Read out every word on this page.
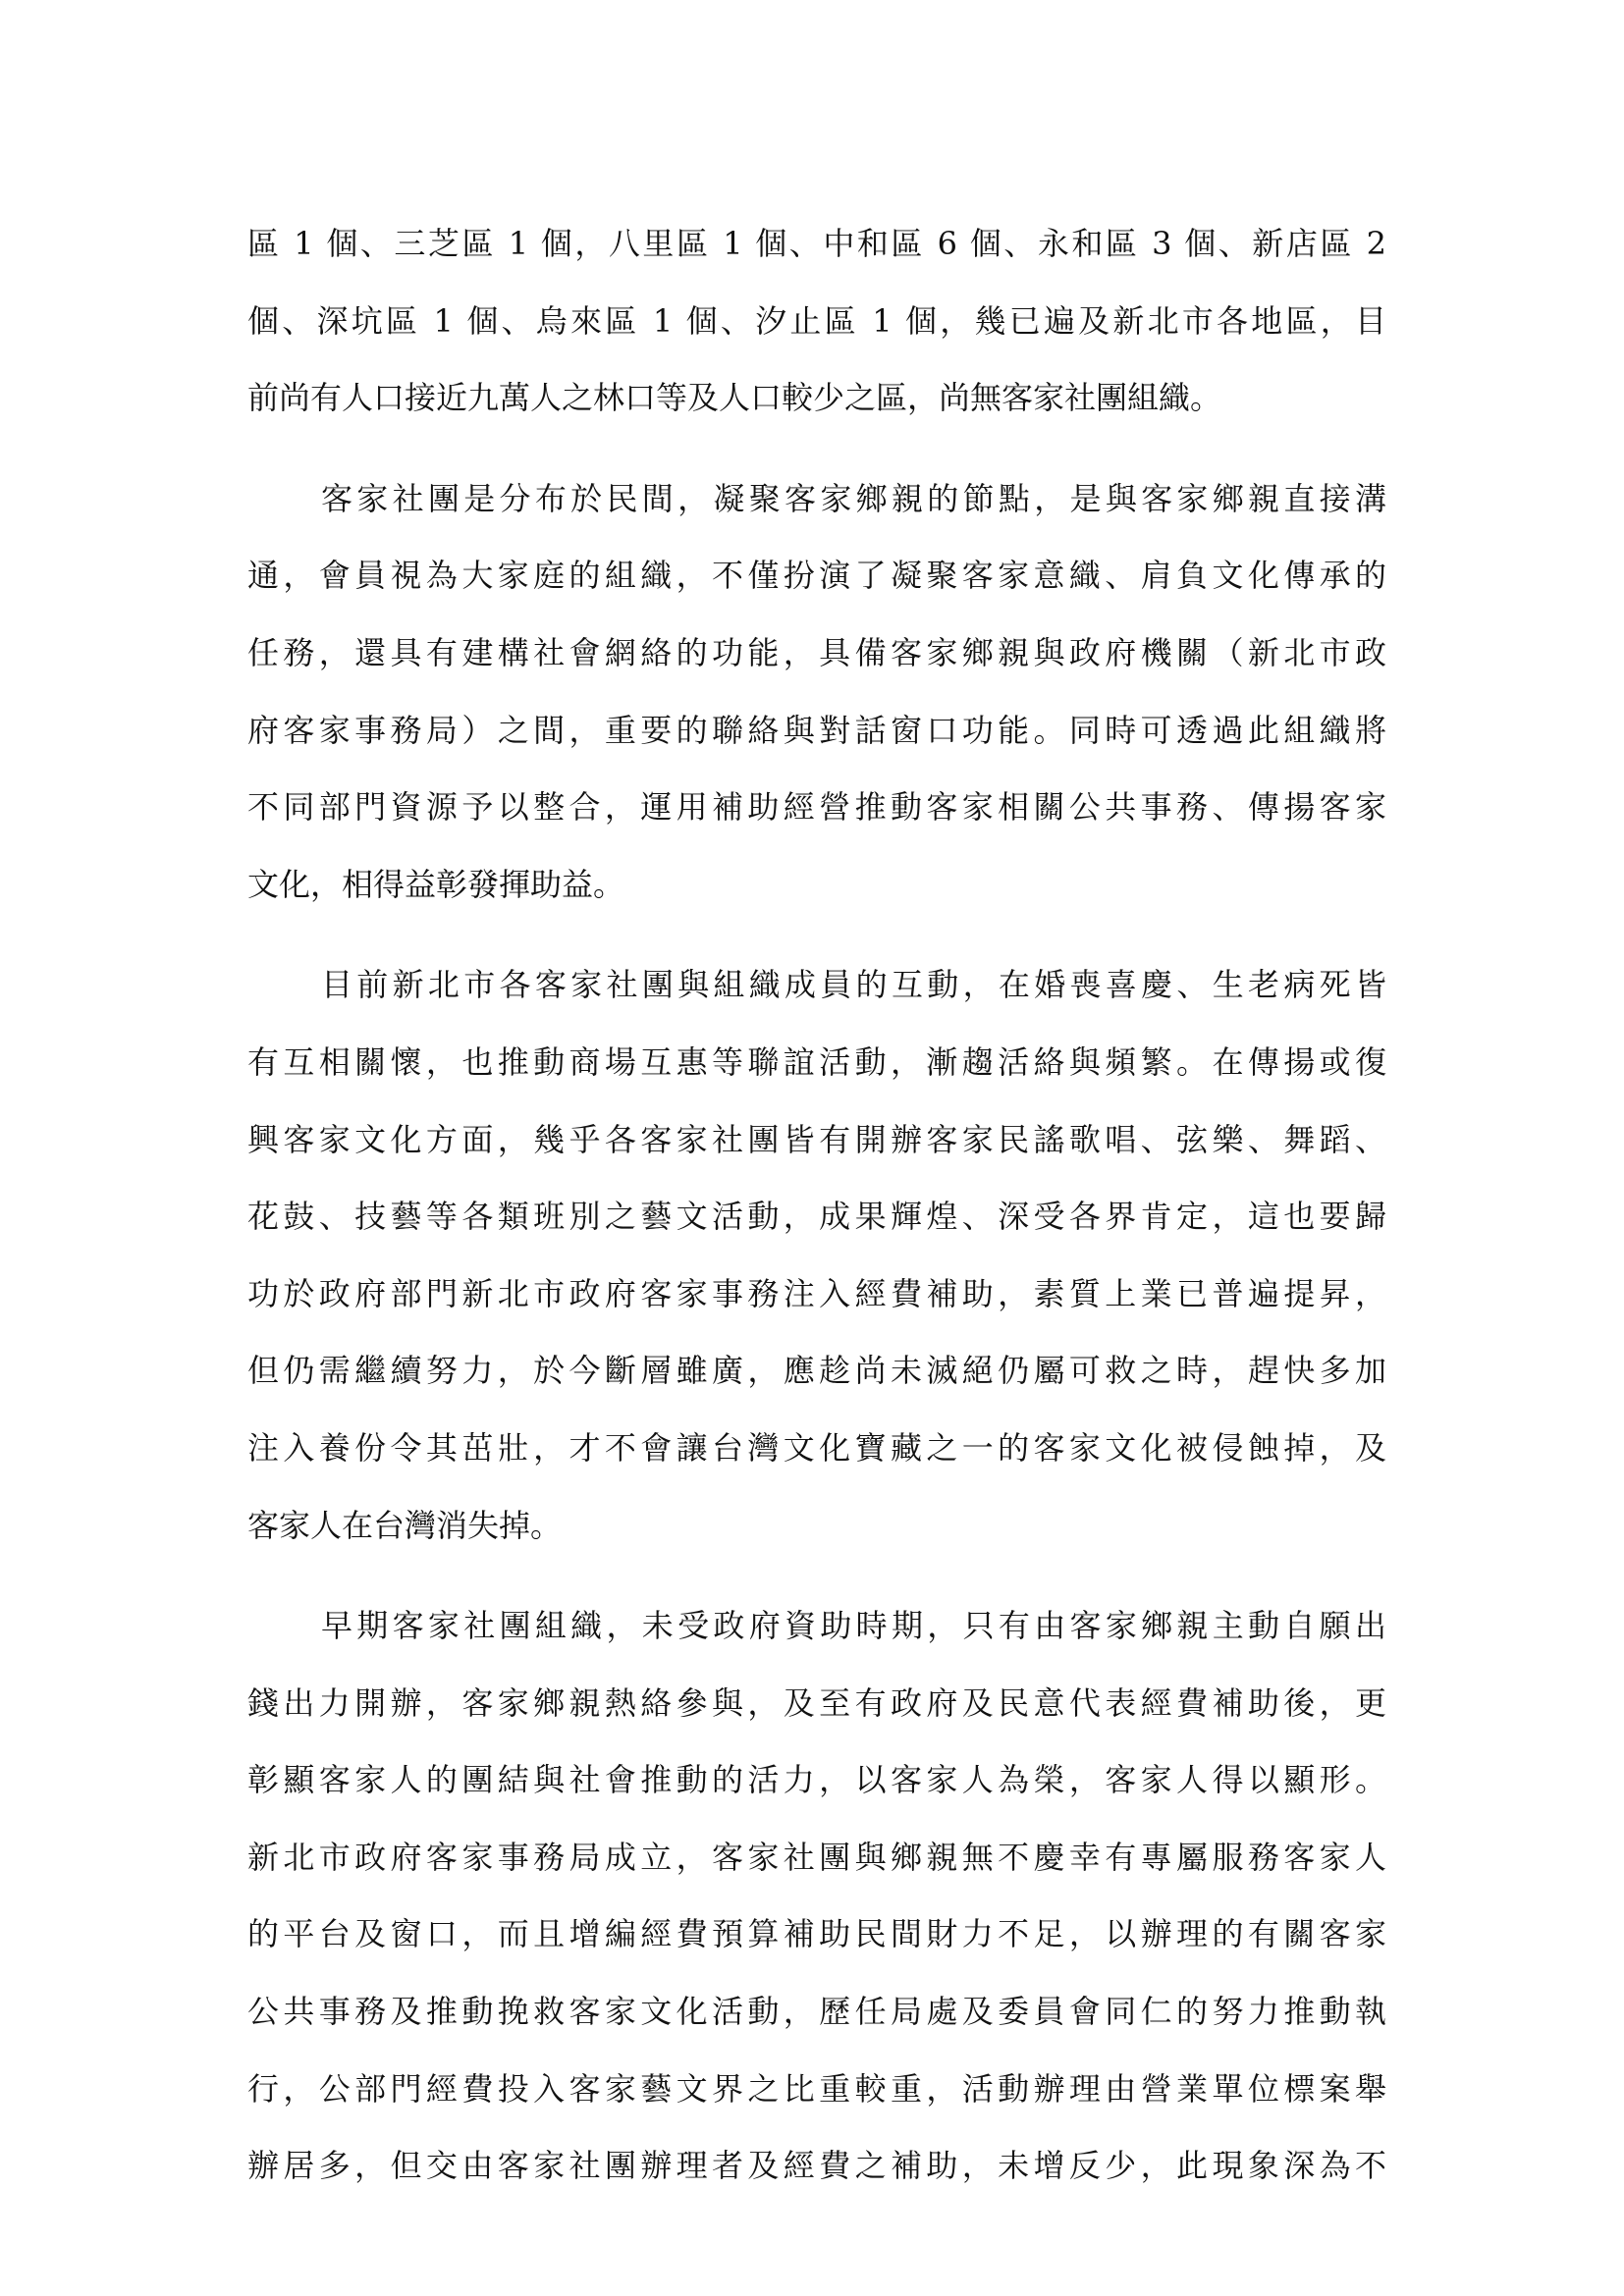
區 1 個、三芝區 1 個，八里區 1 個、中和區 6 個、永和區 3 個、新店區 2
個、深坑區 1 個、烏來區 1 個、汐止區 1 個，幾已遍及新北市各地區，目
前尚有人口接近九萬人之林口等及人口較少之區，尚無客家社團組織。
客家社團是分布於民間，凝聚客家鄉親的節點，是與客家鄉親直接溝
通，會員視為大家庭的組織，不僅扮演了凝聚客家意織、肩負文化傳承的
任務，還具有建構社會網絡的功能，具備客家鄉親與政府機關（新北市政
府客家事務局）之間，重要的聯絡與對話窗口功能。同時可透過此組織將
不同部門資源予以整合，運用補助經營推動客家相關公共事務、傳揚客家
文化，相得益彰發揮助益。
目前新北市各客家社團與組織成員的互動，在婚喪喜慶、生老病死皆
有互相關懷，也推動商場互惠等聯誼活動，漸趨活絡與頻繁。在傳揚或復
興客家文化方面，幾乎各客家社團皆有開辦客家民謠歌唱、弦樂、舞蹈、
花鼓、技藝等各類班別之藝文活動，成果輝煌、深受各界肯定，這也要歸
功於政府部門新北市政府客家事務注入經費補助，素質上業已普遍提昇，
但仍需繼續努力，於今斷層雖廣，應趁尚未滅絕仍屬可救之時，趕快多加
注入養份令其茁壯，才不會讓台灣文化寶藏之一的客家文化被侵蝕掉，及
客家人在台灣消失掉。
早期客家社團組織，未受政府資助時期，只有由客家鄉親主動自願出
錢出力開辦，客家鄉親熱絡參與，及至有政府及民意代表經費補助後，更
彰顯客家人的團結與社會推動的活力，以客家人為榮，客家人得以顯形。
新北市政府客家事務局成立，客家社團與鄉親無不慶幸有專屬服務客家人
的平台及窗口，而且增編經費預算補助民間財力不足，以辦理的有關客家
公共事務及推動挽救客家文化活動，歷任局處及委員會同仁的努力推動執
行，公部門經費投入客家藝文界之比重較重，活動辦理由營業單位標案舉
辦居多，但交由客家社團辦理者及經費之補助，未增反少，此現象深為不
